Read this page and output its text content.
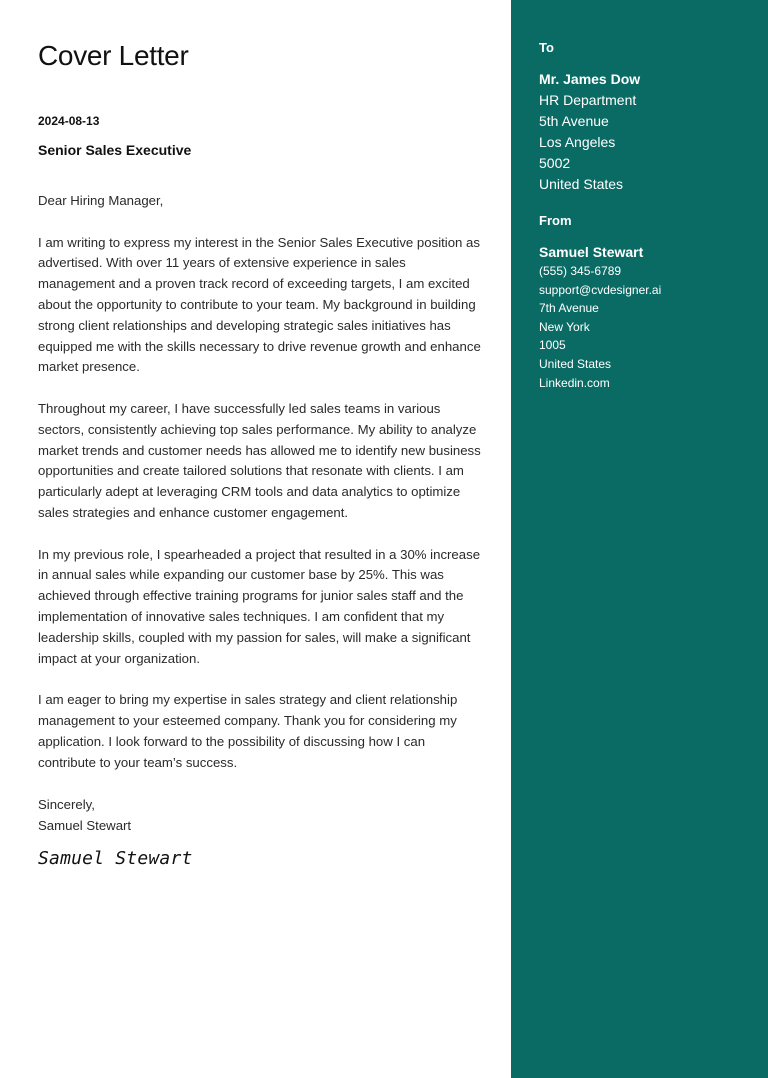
Cover Letter
2024-08-13
Senior Sales Executive

Dear Hiring Manager,

I am writing to express my interest in the Senior Sales Executive position as advertised. With over 11 years of extensive experience in sales management and a proven track record of exceeding targets, I am excited about the opportunity to contribute to your team. My background in building strong client relationships and developing strategic sales initiatives has equipped me with the skills necessary to drive revenue growth and enhance market presence.

Throughout my career, I have successfully led sales teams in various sectors, consistently achieving top sales performance. My ability to analyze market trends and customer needs has allowed me to identify new business opportunities and create tailored solutions that resonate with clients. I am particularly adept at leveraging CRM tools and data analytics to optimize sales strategies and enhance customer engagement.

In my previous role, I spearheaded a project that resulted in a 30% increase in annual sales while expanding our customer base by 25%. This was achieved through effective training programs for junior sales staff and the implementation of innovative sales techniques. I am confident that my leadership skills, coupled with my passion for sales, will make a significant impact at your organization.

I am eager to bring my expertise in sales strategy and client relationship management to your esteemed company. Thank you for considering my application. I look forward to the possibility of discussing how I can contribute to your team’s success.

Sincerely,
Samuel Stewart
Samuel Stewart
To
Mr. James Dow
HR Department
5th Avenue
Los Angeles
5002
United States
From
Samuel Stewart
(555) 345-6789
support@cvdesigner.ai
7th Avenue
New York
1005
United States
Linkedin.com
